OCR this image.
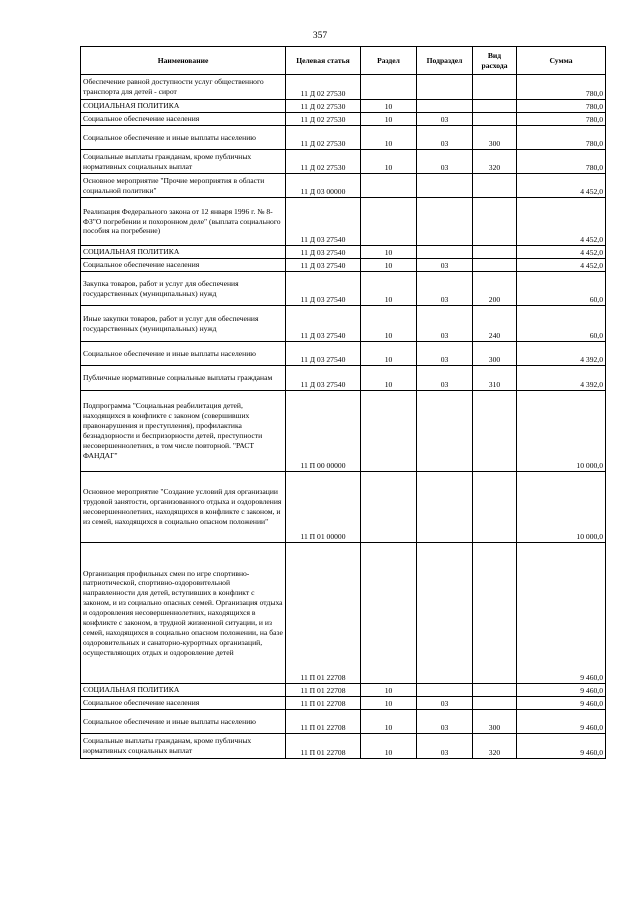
357
Наименование	Целевая статья	Раздел	Подраздел	Вид расхода	Сумма
Обеспечение равной доступности услуг общественного транспорта для детей - сирот	11 Д 02 27530				780,0
СОЦИАЛЬНАЯ ПОЛИТИКА	11 Д 02 27530	10			780,0
Социальное обеспечение населения	11 Д 02 27530	10	03		780,0
Социальное обеспечение и иные выплаты населению	11 Д 02 27530	10	03	300	780,0
Социальные выплаты гражданам, кроме публичных нормативных социальных выплат	11 Д 02 27530	10	03	320	780,0
Основное мероприятие "Прочие мероприятия в области социальной политики"	11 Д 03 00000				4 452,0
Реализация Федерального закона от 12 января 1996 г. № 8-ФЗ"О погребении и похоронном деле" (выплата социального пособия на погребение)	11 Д 03 27540				4 452,0
СОЦИАЛЬНАЯ ПОЛИТИКА	11 Д 03 27540	10			4 452,0
Социальное обеспечение населения	11 Д 03 27540	10	03		4 452,0
Закупка товаров, работ и услуг для обеспечения государственных (муниципальных) нужд	11 Д 03 27540	10	03	200	60,0
Иные закупки товаров, работ и услуг для обеспечения государственных (муниципальных) нужд	11 Д 03 27540	10	03	240	60,0
Социальное обеспечение и иные выплаты населению	11 Д 03 27540	10	03	300	4 392,0
Публичные нормативные социальные выплаты гражданам	11 Д 03 27540	10	03	310	4 392,0
Подпрограмма "Социальная реабилитация детей, находящихся в конфликте с законом (совершивших правонарушения и преступления), профилактика безнадзорности и беспризорности детей, преступности несовершеннолетних, в том числе повторной. "РАСТ ФАНДАГ"	11 П 00 00000				10 000,0
Основное мероприятие "Создание условий для организации трудовой занятости, организованного отдыха и оздоровления несовершеннолетних, находящихся в конфликте с законом, и из семей, находящихся в социально опасном положении"	11 П 01 00000				10 000,0
Организация профильных смен по игре спортивно-патриотической, спортивно-оздоровительной направленности для детей, вступивших в конфликт с законом, и из социально опасных семей. Организация отдыха и оздоровления несовершеннолетних, находящихся в конфликте с законом, в трудной жизненной ситуации, и из семей, находящихся в социально опасном положении, на базе оздоровительных и санаторно-курортных организаций, осуществляющих отдых и оздоровление детей	11 П 01 22708				9 460,0
СОЦИАЛЬНАЯ ПОЛИТИКА	11 П 01 22708	10			9 460,0
Социальное обеспечение населения	11 П 01 22708	10	03		9 460,0
Социальное обеспечение и иные выплаты населению	11 П 01 22708	10	03	300	9 460,0
Социальные выплаты гражданам, кроме публичных нормативных социальных выплат	11 П 01 22708	10	03	320	9 460,0
